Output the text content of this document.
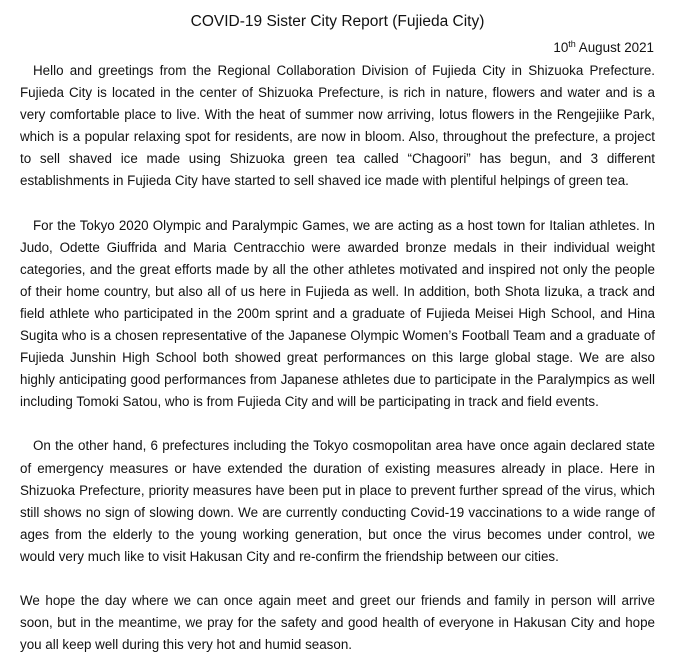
COVID-19 Sister City Report (Fujieda City)
10th August 2021

Hello and greetings from the Regional Collaboration Division of Fujieda City in Shizuoka Prefecture. Fujieda City is located in the center of Shizuoka Prefecture, is rich in nature, flowers and water and is a very comfortable place to live. With the heat of summer now arriving, lotus flowers in the Rengejiike Park, which is a popular relaxing spot for residents, are now in bloom. Also, throughout the prefecture, a project to sell shaved ice made using Shizuoka green tea called “Chagoori” has begun, and 3 different establishments in Fujieda City have started to sell shaved ice made with plentiful helpings of green tea.

For the Tokyo 2020 Olympic and Paralympic Games, we are acting as a host town for Italian athletes. In Judo, Odette Giuffrida and Maria Centracchio were awarded bronze medals in their individual weight categories, and the great efforts made by all the other athletes motivated and inspired not only the people of their home country, but also all of us here in Fujieda as well. In addition, both Shota Iizuka, a track and field athlete who participated in the 200m sprint and a graduate of Fujieda Meisei High School, and Hina Sugita who is a chosen representative of the Japanese Olympic Women’s Football Team and a graduate of Fujieda Junshin High School both showed great performances on this large global stage. We are also highly anticipating good performances from Japanese athletes due to participate in the Paralympics as well including Tomoki Satou, who is from Fujieda City and will be participating in track and field events.

On the other hand, 6 prefectures including the Tokyo cosmopolitan area have once again declared state of emergency measures or have extended the duration of existing measures already in place. Here in Shizuoka Prefecture, priority measures have been put in place to prevent further spread of the virus, which still shows no sign of slowing down. We are currently conducting Covid-19 vaccinations to a wide range of ages from the elderly to the young working generation, but once the virus becomes under control, we would very much like to visit Hakusan City and re-confirm the friendship between our cities.

We hope the day where we can once again meet and greet our friends and family in person will arrive soon, but in the meantime, we pray for the safety and good health of everyone in Hakusan City and hope you all keep well during this very hot and humid season.
